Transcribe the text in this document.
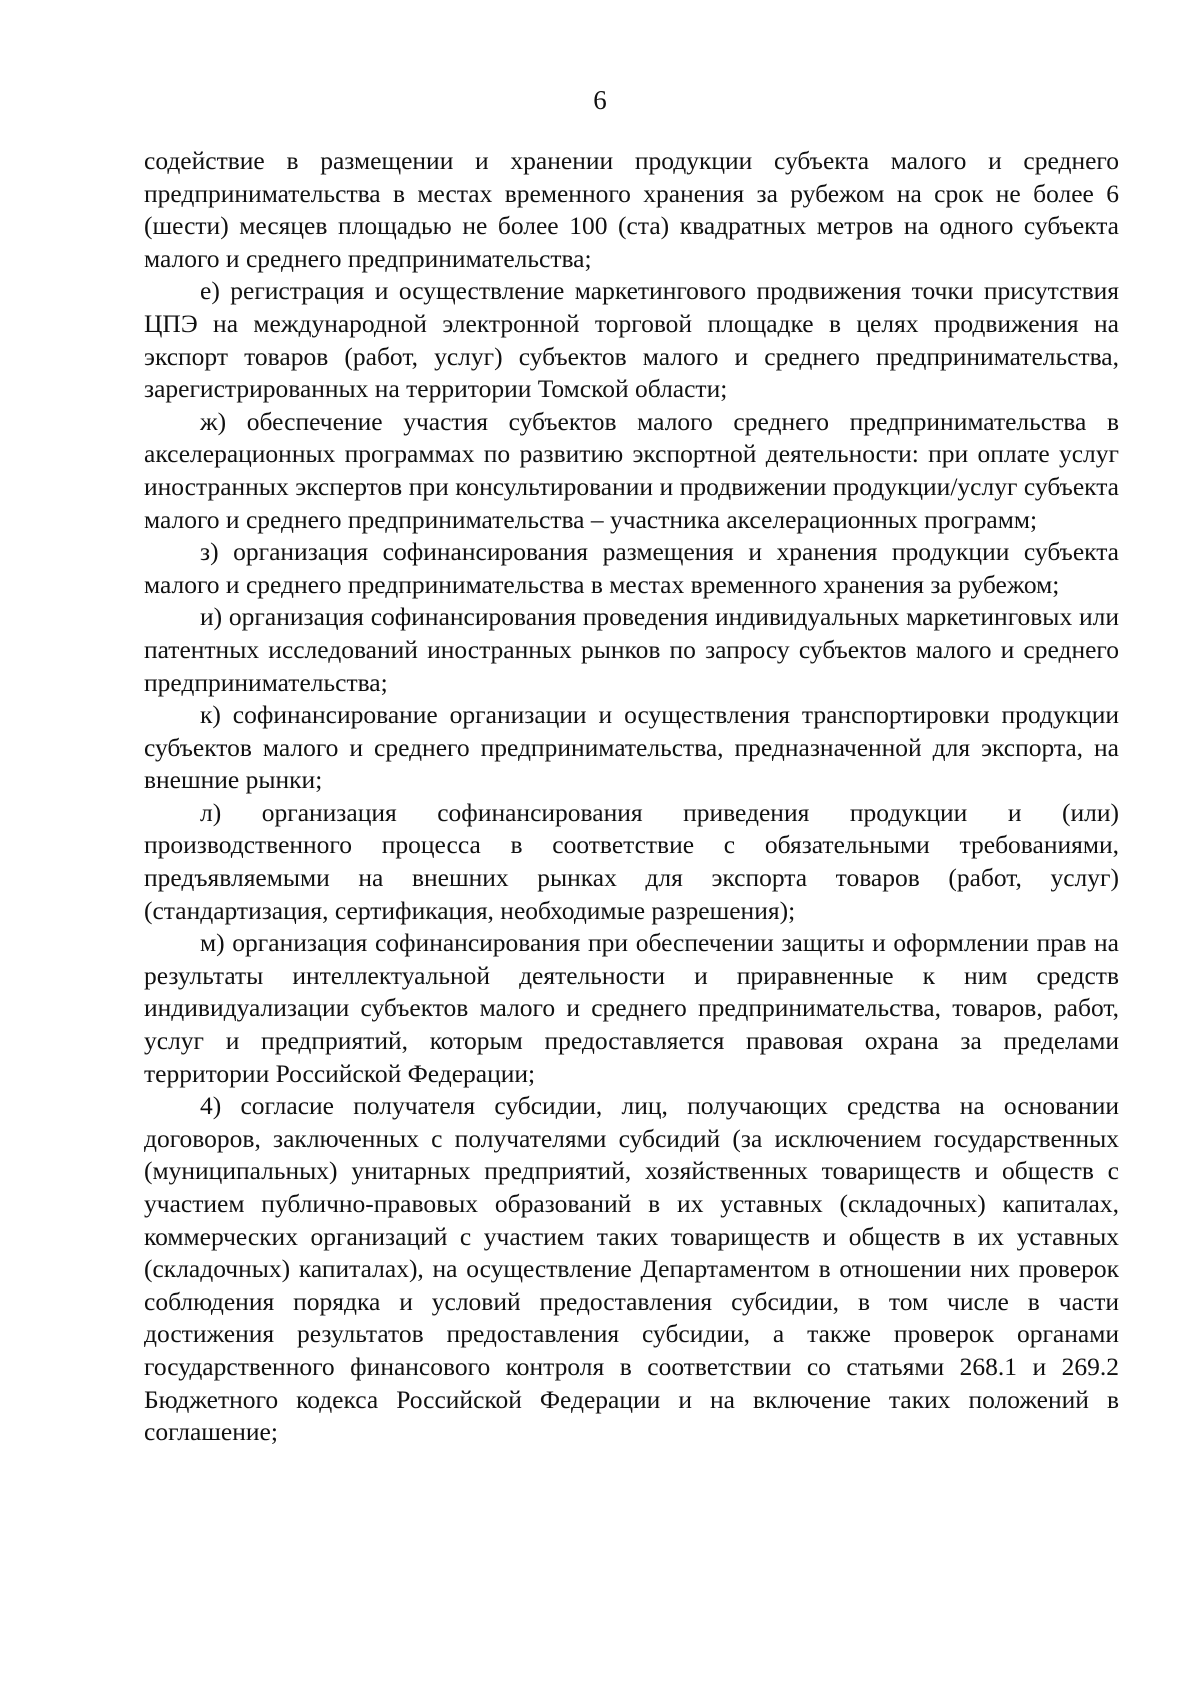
6

содействие в размещении и хранении продукции субъекта малого и среднего предпринимательства в местах временного хранения за рубежом на срок не более 6 (шести) месяцев площадью не более 100 (ста) квадратных метров на одного субъекта малого и среднего предпринимательства;

е) регистрация и осуществление маркетингового продвижения точки присутствия ЦПЭ на международной электронной торговой площадке в целях продвижения на экспорт товаров (работ, услуг) субъектов малого и среднего предпринимательства, зарегистрированных на территории Томской области;

ж) обеспечение участия субъектов малого среднего предпринимательства в акселерационных программах по развитию экспортной деятельности: при оплате услуг иностранных экспертов при консультировании и продвижении продукции/услуг субъекта малого и среднего предпринимательства – участника акселерационных программ;

з) организация софинансирования размещения и хранения продукции субъекта малого и среднего предпринимательства в местах временного хранения за рубежом;

и) организация софинансирования проведения индивидуальных маркетинговых или патентных исследований иностранных рынков по запросу субъектов малого и среднего предпринимательства;

к) софинансирование организации и осуществления транспортировки продукции субъектов малого и среднего предпринимательства, предназначенной для экспорта, на внешние рынки;

л) организация софинансирования приведения продукции и (или) производственного процесса в соответствие с обязательными требованиями, предъявляемыми на внешних рынках для экспорта товаров (работ, услуг) (стандартизация, сертификация, необходимые разрешения);

м) организация софинансирования при обеспечении защиты и оформлении прав на результаты интеллектуальной деятельности и приравненные к ним средств индивидуализации субъектов малого и среднего предпринимательства, товаров, работ, услуг и предприятий, которым предоставляется правовая охрана за пределами территории Российской Федерации;

4) согласие получателя субсидии, лиц, получающих средства на основании договоров, заключенных с получателями субсидий (за исключением государственных (муниципальных) унитарных предприятий, хозяйственных товариществ и обществ с участием публично-правовых образований в их уставных (складочных) капиталах, коммерческих организаций с участием таких товариществ и обществ в их уставных (складочных) капиталах), на осуществление Департаментом в отношении них проверок соблюдения порядка и условий предоставления субсидии, в том числе в части достижения результатов предоставления субсидии, а также проверок органами государственного финансового контроля в соответствии со статьями 268.1 и 269.2 Бюджетного кодекса Российской Федерации и на включение таких положений в соглашение;
